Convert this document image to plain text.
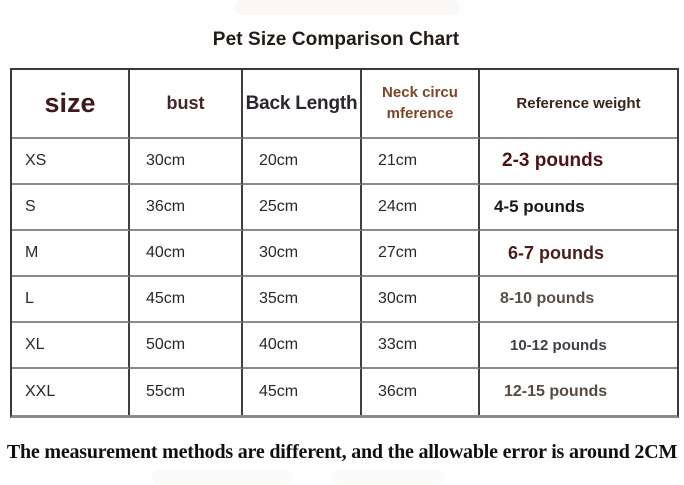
Pet Size Comparison Chart
size	bust	Back Length	Neck circu mference	Reference weight
XS	30cm	20cm	21cm	2-3 pounds
S	36cm	25cm	24cm	4-5 pounds
M	40cm	30cm	27cm	6-7 pounds
L	45cm	35cm	30cm	8-10 pounds
XL	50cm	40cm	33cm	10-12 pounds
XXL	55cm	45cm	36cm	12-15 pounds
The measurement methods are different, and the allowable error is around 2CM
